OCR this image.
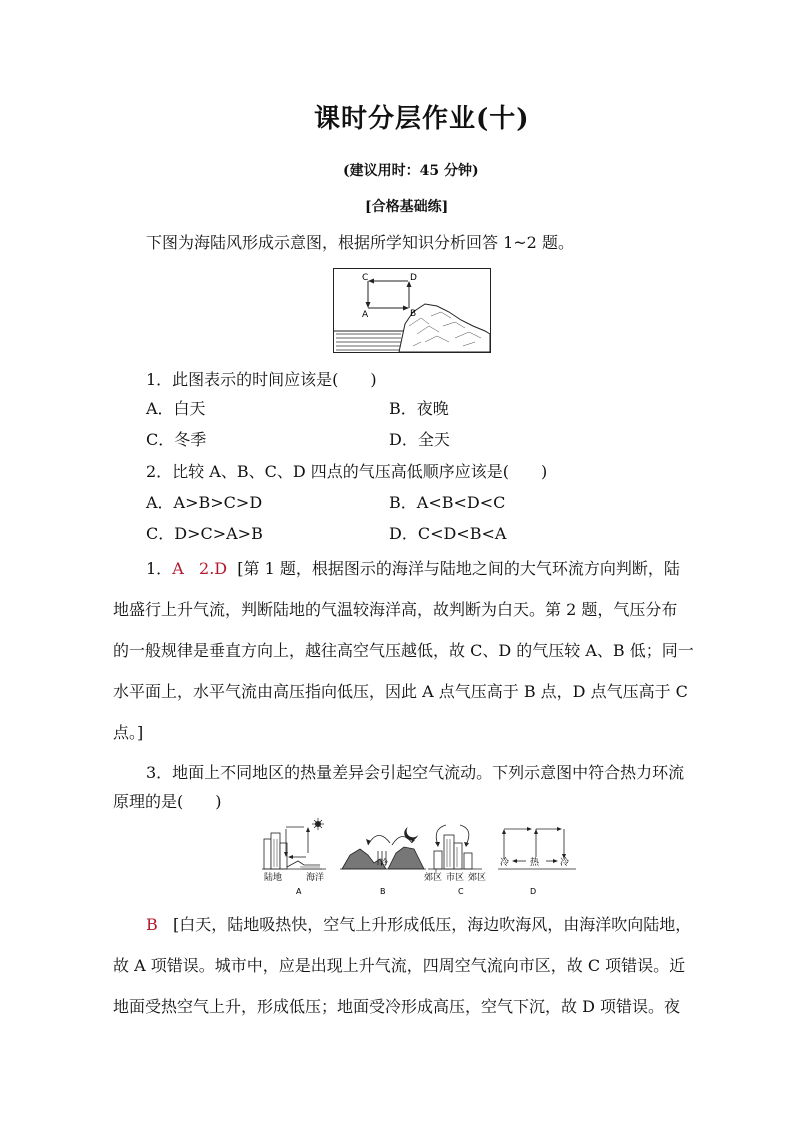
课时分层作业(十)
(建议用时：45 分钟)
[合格基础练]
下图为海陆风形成示意图，根据所学知识分析回答 1~2 题。
C	D
A	B
1．此图表示的时间应该是(　　)
A．白天	B．夜晚
C．冬季	D．全天
2．比较 A、B、C、D 四点的气压高低顺序应该是(　　)
A．A>B>C>D	B．A<B<D<C
C．D>C>A>B	D．C<D<B<A
1．A 2.D [第 1 题，根据图示的海洋与陆地之间的大气环流方向判断，陆
地盛行上升气流，判断陆地的气温较海洋高，故判断为白天。第 2 题，气压分布
的一般规律是垂直方向上，越往高空气压越低，故 C、D 的气压较 A、B 低；同一
水平面上，水平气流由高压指向低压，因此 A 点气压高于 B 点，D 点气压高于 C
点。]
3．地面上不同地区的热量差异会引起空气流动。下列示意图中符合热力环流
原理的是(　　)
陆地	海洋
冷
郊区 市区 郊区
冷 热 冷
A	B	C	D
B [白天，陆地吸热快，空气上升形成低压，海边吹海风，由海洋吹向陆地，
故 A 项错误。城市中，应是出现上升气流，四周空气流向市区，故 C 项错误。近
地面受热空气上升，形成低压；地面受冷形成高压，空气下沉，故 D 项错误。夜
